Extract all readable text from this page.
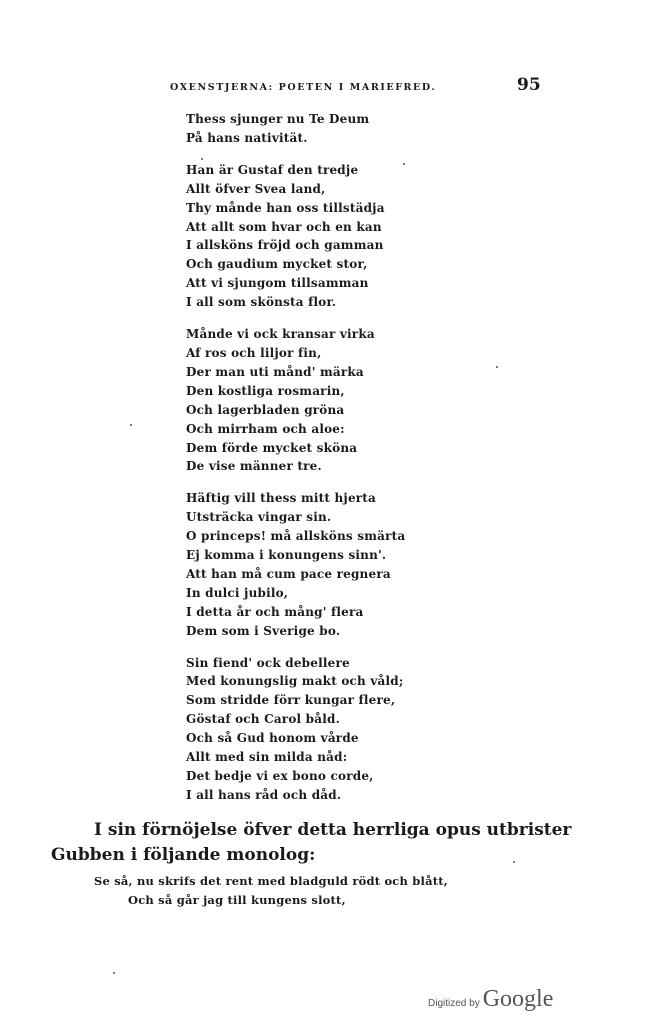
OXENSTJERNA: POETEN I MARIEFRED.	95
Thess sjunger nu Te Deum
På hans nativität.
Han är Gustaf den tredje
Allt öfver Svea land,
Thy månde han oss tillstädja
Att allt som hvar och en kan
I allsköns fröjd och gamman
Och gaudium mycket stor,
Att vi sjungom tillsamman
I all som skönsta flor.
Månde vi ock kransar virka
Af ros och liljor fin,
Der man uti månd' märka
Den kostliga rosmarin,
Och lagerbladen gröna
Och mirrham och aloe:
Dem förde mycket sköna
De vise männer tre.
Häftig vill thess mitt hjerta
Utsträcka vingar sin.
O princeps! må allsköns smärta
Ej komma i konungens sinn'.
Att han må cum pace regnera
In dulci jubilo,
I detta år och mång' flera
Dem som i Sverige bo.
Sin fiend' ock debellere
Med konungslig makt och våld;
Som stridde förr kungar flere,
Göstaf och Carol båld.
Och så Gud honom vårde
Allt med sin milda nåd:
Det bedje vi ex bono corde,
I all hans råd och dåd.
I sin förnöjelse öfver detta herrliga opus utbrister
Gubben i följande monolog:
Se så, nu skrifs det rent med bladguld rödt och blått,
Och så går jag till kungens slott,
Digitized by Google
